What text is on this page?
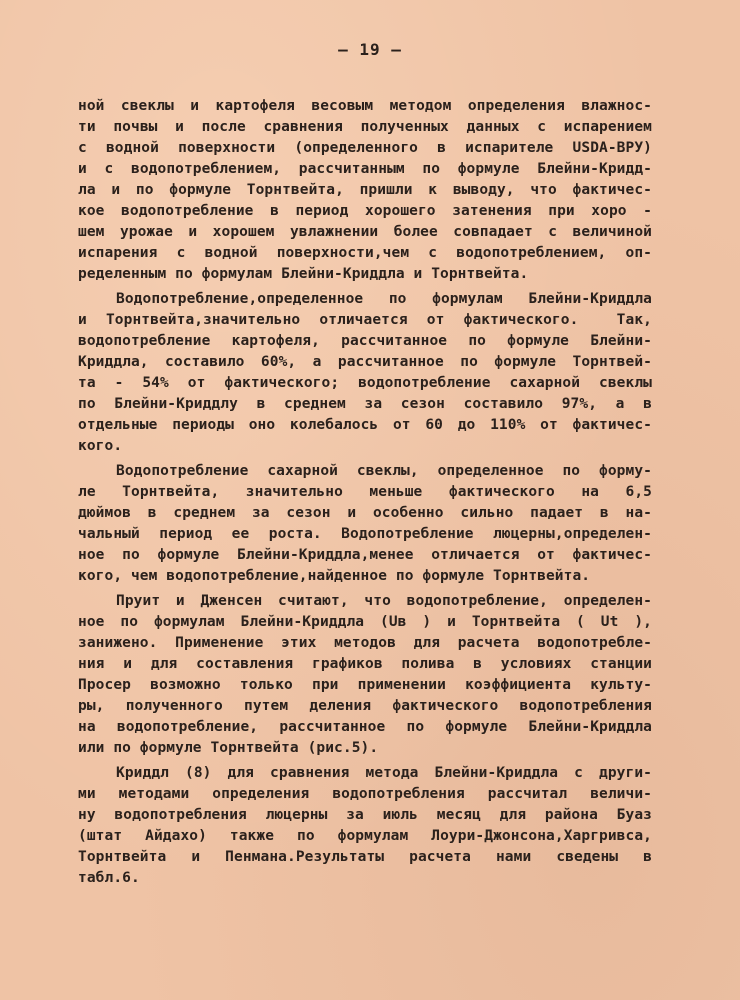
— 19 —
ной свеклы и картофеля весовым методом определения влажнос-
ти почвы и после сравнения полученных данных с испарением
с водной поверхности (определенного в испарителе USDA-BPУ)
и с водопотреблением, рассчитанным по формуле Блейни-Кридд-
ла и по формуле Торнтвейта, пришли к выводу, что фактичес-
кое водопотребление в период хорошего затенения при хоро -
шем урожае и хорошем увлажнении более совпадает с величиной
испарения с водной поверхности,чем с водопотреблением, оп-
ределенным по формулам Блейни-Криддла и Торнтвейта.
Водопотребление,определенное по формулам Блейни-Криддла
и Торнтвейта,значительно отличается от фактического.  Так,
водопотребление картофеля, рассчитанное по формуле Блейни-
Криддла, составило 60%, а рассчитанное по формуле Торнтвей-
та - 54% от фактического; водопотребление сахарной свеклы
по Блейни-Криддлу в среднем за сезон составило 97%, а в
отдельные периоды оно колебалось от 60 до 110% от фактичес-
кого.
Водопотребление сахарной свеклы, определенное по форму-
ле Торнтвейта, значительно меньше фактического на 6,5
дюймов в среднем за сезон и особенно сильно падает в на-
чальный период ее роста. Водопотребление люцерны,определен-
ное по формуле Блейни-Криддла,менее отличается от фактичес-
кого, чем водопотребление,найденное по формуле Торнтвейта.
Пруит и Дженсен считают, что водопотребление, определен-
ное по формулам Блейни-Криддла (Uв ) и Торнтвейта ( Ut ),
занижено. Применение этих методов для расчета водопотребле-
ния и для составления графиков полива в условиях станции
Просер возможно только при применении коэффициента культу-
ры, полученного путем деления фактического водопотребления
на водопотребление, рассчитанное по формуле Блейни-Криддла
или по формуле Торнтвейта (рис.5).
Криддл (8) для сравнения метода Блейни-Криддла с други-
ми методами определения водопотребления рассчитал величи-
ну водопотребления люцерны за июль месяц для района Буаз
(штат Айдахо) также по формулам Лоури-Джонсона,Харгривса,
Торнтвейта и Пенмана.Результаты расчета нами сведены в
табл.6.
